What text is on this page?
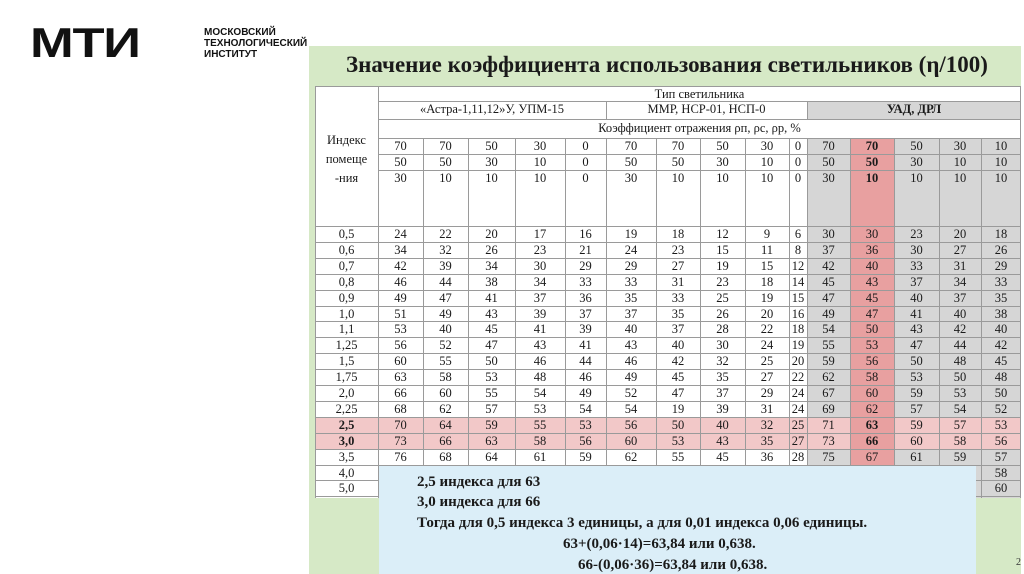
МТИ	МОСКОВСКИЙ
ТЕХНОЛОГИЧЕСКИЙ
ИНСТИТУТ	Значение коэффициента использования светильников (η/100)
Тип светильника
«Астра-1,11,12»У, УПМ-15	ММР, НСР-01, НСП-0	УАД, ДРЛ
Коэффициент отражения ρп, ρс, ρр, %
Индекс помеще -ния
70	70	50	30	0	70	70	50	30	0	70	70	50	30	10
50	50	30	10	0	50	50	30	10	0	50	50	30	10	10
30	10	10	10	0	30	10	10	10	0	30	10	10	10	10
0,5	24	22	20	17	16	19	18	12	9	6	30	30	23	20	18
0,6	34	32	26	23	21	24	23	15	11	8	37	36	30	27	26
0,7	42	39	34	30	29	29	27	19	15	12	42	40	33	31	29
0,8	46	44	38	34	33	33	31	23	18	14	45	43	37	34	33
0,9	49	47	41	37	36	35	33	25	19	15	47	45	40	37	35
1,0	51	49	43	39	37	37	35	26	20	16	49	47	41	40	38
1,1	53	40	45	41	39	40	37	28	22	18	54	50	43	42	40
1,25	56	52	47	43	41	43	40	30	24	19	55	53	47	44	42
1,5	60	55	50	46	44	46	42	32	25	20	59	56	50	48	45
1,75	63	58	53	48	46	49	45	35	27	22	62	58	53	50	48
2,0	66	60	55	54	49	52	47	37	29	24	67	60	59	53	50
2,25	68	62	57	53	54	54	19	39	31	24	69	62	57	54	52
2,5	70	64	59	55	53	56	50	40	32	25	71	63	59	57	53
3,0	73	66	63	58	56	60	53	43	35	27	73	66	60	58	56
3,5	76	68	64	61	59	62	55	45	36	28	75	67	61	59	57
4,0	58
5,0	60
2,5 индекса для 63
3,0 индекса для 66
Тогда для 0,5 индекса 3 единицы, а для 0,01 индекса 0,06 единицы.
63+(0,06·14)=63,84 или 0,638.
66-(0,06·36)=63,84 или 0,638.	2
